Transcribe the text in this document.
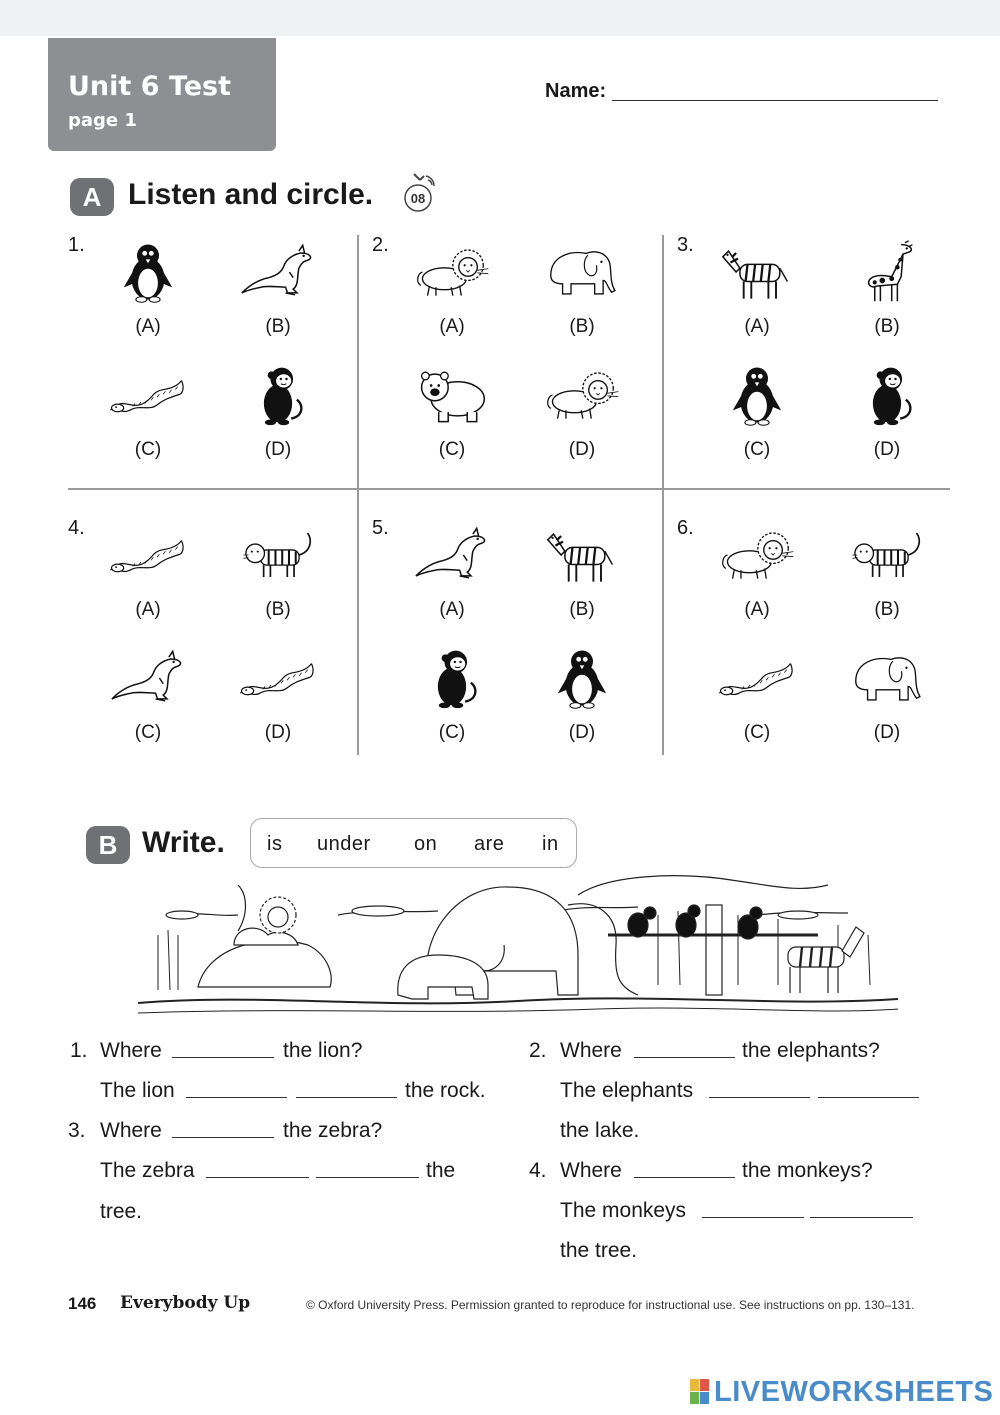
Unit 6 Test
page 1
Name:
A Listen and circle.	08
1.
(A)	(B)
(C)	(D)
2.
(A)	(B)
(C)	(D)
3.
(A)	(B)
(C)	(D)
4.
(A)	(B)
(C)	(D)
5.
(A)	(B)
(C)	(D)
6.
(A)	(B)
(C)	(D)
B Write. is under on are in
1. Where	the lion?
The lion	the rock.
3. Where	the zebra?
The zebra	the
tree.
2. Where	the elephants?
The elephants
the lake.
4. Where	the monkeys?
The monkeys
the tree.
146 Everybody Up	© Oxford University Press. Permission granted to reproduce for instructional use. See instructions on pp. 130–131.
LIVEWORKSHEETS
